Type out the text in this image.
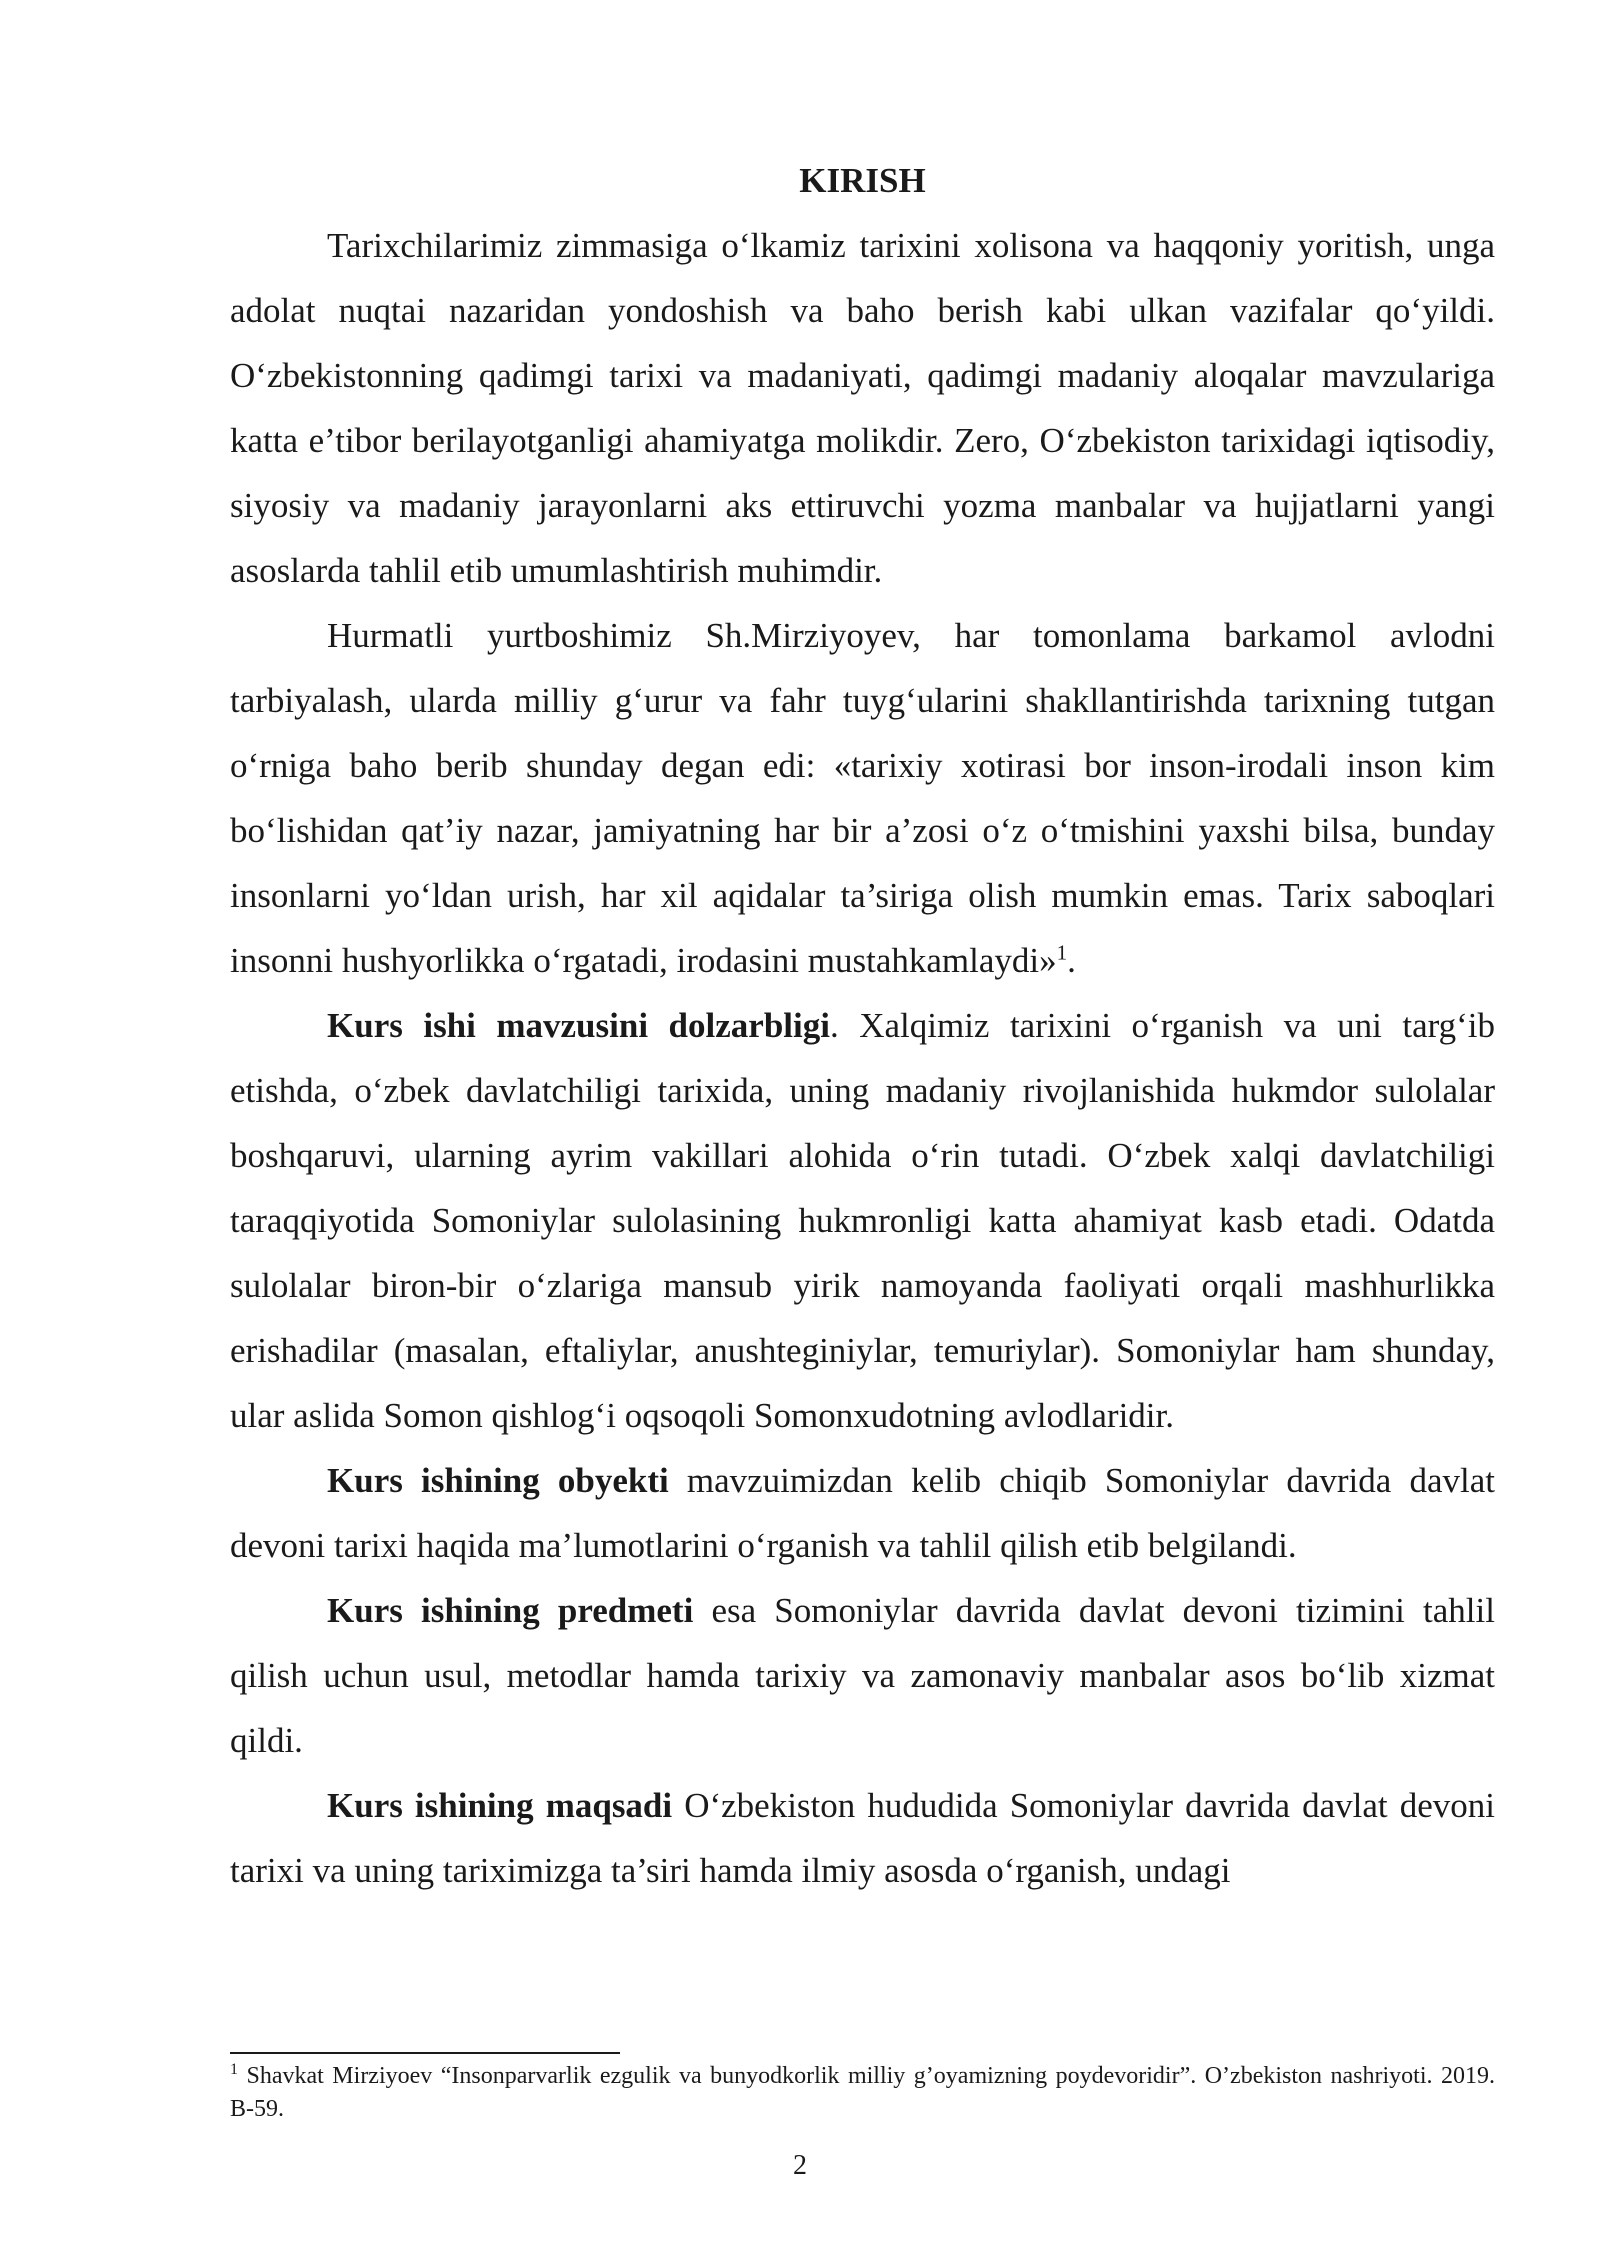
KIRISH

Tarixchilarimiz zimmasiga o‘lkamiz tarixini xolisona va haqqoniy yoritish, unga adolat nuqtai nazaridan yondoshish va baho berish kabi ulkan vazifalar qo‘yildi. O‘zbekistonning qadimgi tarixi va madaniyati, qadimgi madaniy aloqalar mavzulariga katta e’tibor berilayotganligi ahamiyatga molikdir. Zero, O‘zbekiston tarixidagi iqtisodiy, siyosiy va madaniy jarayonlarni aks ettiruvchi yozma manbalar va hujjatlarni yangi asoslarda tahlil etib umumlashtirish muhimdir.

Hurmatli yurtboshimiz Sh.Mirziyoyev, har tomonlama barkamol avlodni tarbiyalash, ularda milliy g‘urur va fahr tuyg‘ularini shakllantirishda tarixning tutgan o‘rniga baho berib shunday degan edi: «tarixiy xotirasi bor inson-irodali inson kim bo‘lishidan qat’iy nazar, jamiyatning har bir a’zosi o‘z o‘tmishini yaxshi bilsa, bunday insonlarni yo‘ldan urish, har xil aqidalar ta’siriga olish mumkin emas. Tarix saboqlari insonni hushyorlikka o‘rgatadi, irodasini mustahkamlaydi»$^1$.

Kurs ishi mavzusini dolzarbligi. Xalqimiz tarixini o‘rganish va uni targ‘ib etishda, o‘zbek davlatchiligi tarixida, uning madaniy rivojlanishida hukmdor sulolalar boshqaruvi, ularning ayrim vakillari alohida o‘rin tutadi. O‘zbek xalqi davlatchiligi taraqqiyotida Somoniylar sulolasining hukmronligi katta ahamiyat kasb etadi. Odatda sulolalar biron-bir o‘zlariga mansub yirik namoyanda faoliyati orqali mashhurlikka erishadilar (masalan, eftaliylar, anushteginiylar, temuriylar). Somoniylar ham shunday, ular aslida Somon qishlog‘i oqsoqoli Somonxudotning avlodlaridir.

Kurs ishining obyekti mavzuimizdan kelib chiqib Somoniylar davrida davlat devoni tarixi haqida ma’lumotlarini o‘rganish va tahlil qilish etib belgilandi.

Kurs ishining predmeti esa Somoniylar davrida davlat devoni tizimini tahlil qilish uchun usul, metodlar hamda tarixiy va zamonaviy manbalar asos bo‘lib xizmat qildi.

Kurs ishining maqsadi O‘zbekiston hududida Somoniylar davrida davlat devoni tarixi va uning tariximizga ta’siri hamda ilmiy asosda o‘rganish, undagi

$^1$ Shavkat Mirziyoev “Insonparvarlik ezgulik va bunyodkorlik milliy g’oyamizning poydevoridir”. O’zbekiston nashriyoti. 2019. B-59.

2
